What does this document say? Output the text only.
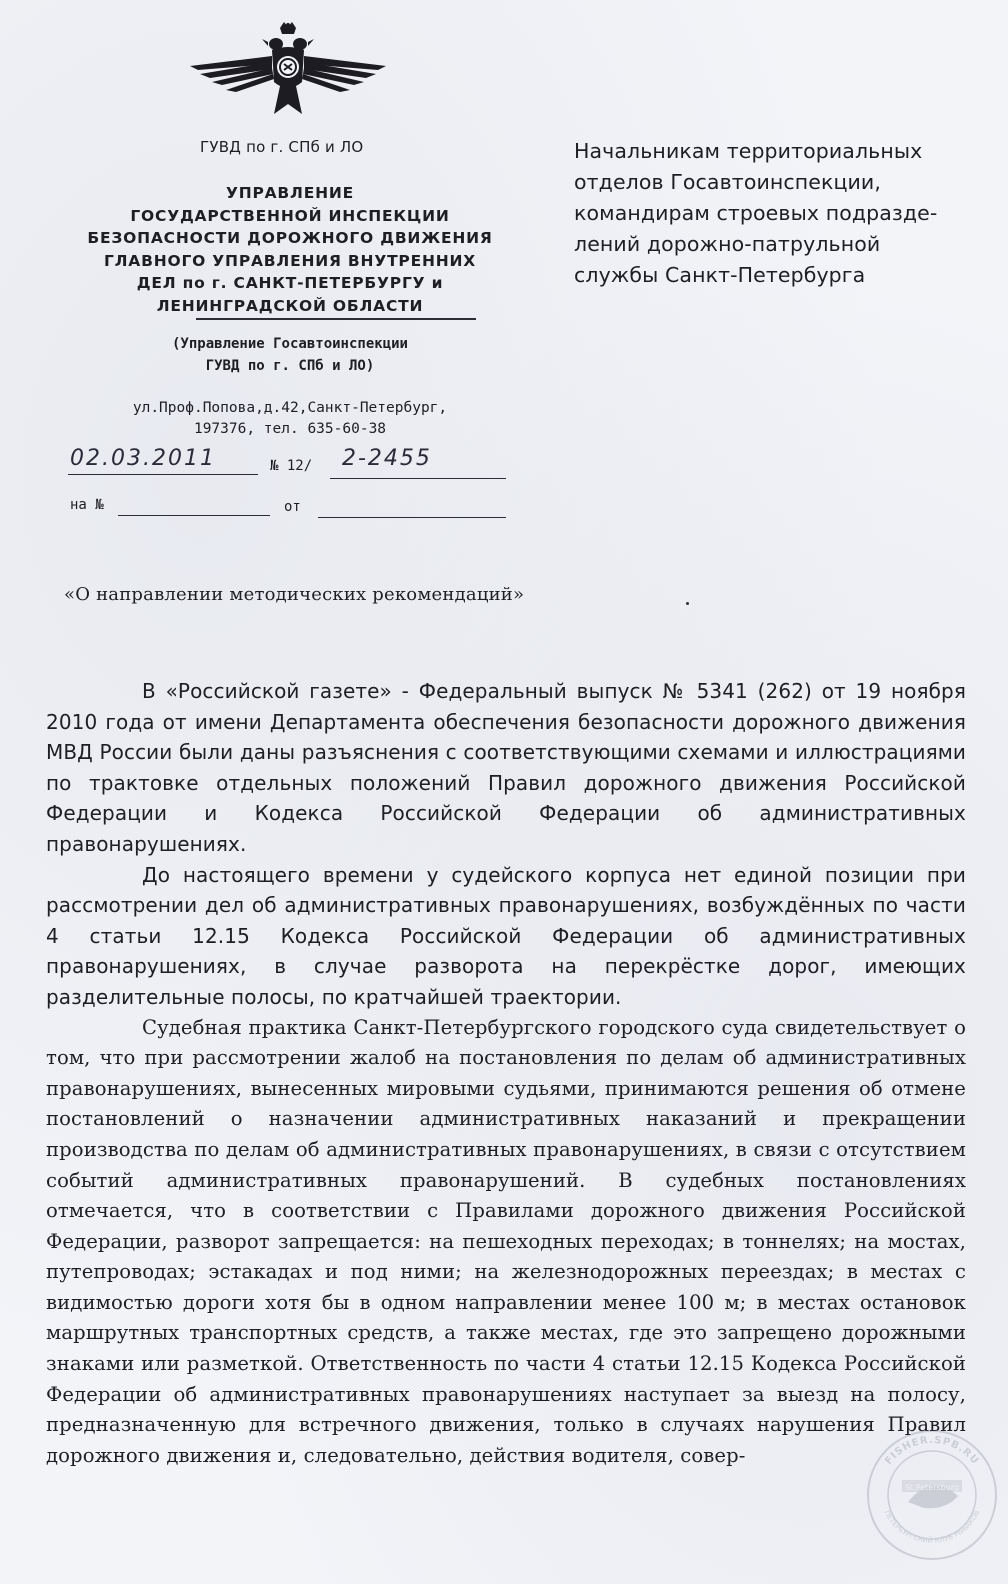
ГУВД по г. СПб и ЛО
УПРАВЛЕНИЕ
ГОСУДАРСТВЕННОЙ ИНСПЕКЦИИ
БЕЗОПАСНОСТИ ДОРОЖНОГО ДВИЖЕНИЯ
ГЛАВНОГО УПРАВЛЕНИЯ ВНУТРЕННИХ
ДЕЛ по г. САНКТ-ПЕТЕРБУРГУ и
ЛЕНИНГРАДСКОЙ ОБЛАСТИ
(Управление Госавтоинспекции
ГУВД по г. СПб и ЛО)
ул.Проф.Попова,д.42,Санкт-Петербург,
197376, тел. 635-60-38
02.03.2011	№ 12/ 2-2455
на №	от
Начальникам территориальных
отделов Госавтоинспекции,
командирам строевых подразде-
лений дорожно-патрульной
службы Санкт-Петербурга
«О направлении методических рекомендаций»

В «Российской газете» - Федеральный выпуск № 5341 (262) от 19 ноября 2010 года от имени Департамента обеспечения безопасности дорожного движения МВД России были даны разъяснения с соответствующими схемами и иллюстрациями по трактовке отдельных положений Правил дорожного движения Российской Федерации и Кодекса Российской Федерации об административных правонарушениях.

До настоящего времени у судейского корпуса нет единой позиции при рассмотрении дел об административных правонарушениях, возбуждённых по части 4 статьи 12.15 Кодекса Российской Федерации об административных правонарушениях, в случае разворота на перекрёстке дорог, имеющих разделительные полосы, по кратчайшей траектории.

Судебная практика Санкт-Петербургского городского суда свидетельствует о том, что при рассмотрении жалоб на постановления по делам об административных правонарушениях, вынесенных мировыми судьями, принимаются решения об отмене постановлений о назначении административных наказаний и прекращении производства по делам об административных правонарушениях, в связи с отсутствием событий административных правонарушений. В судебных постановлениях отмечается, что в соответствии с Правилами дорожного движения Российской Федерации, разворот запрещается: на пешеходных переходах; в тоннелях; на мостах, путепроводах; эстакадах и под ними; на железнодорожных переездах; в местах с видимостью дороги хотя бы в одном направлении менее 100 м; в местах остановок маршрутных транспортных средств, а также местах, где это запрещено дорожными знаками или разметкой. Ответственность по части 4 статьи 12.15 Кодекса Российской Федерации об административных правонарушениях наступает за выезд на полосу, предназначенную для встречного движения, только в случаях нарушения Правил дорожного движения и, следовательно, действия водителя, совер-

St.Petersburg
FISHER.SPB.RU
ПЕТЕРБУРГСКИЙ КЛУБ РЫБАКОВ
